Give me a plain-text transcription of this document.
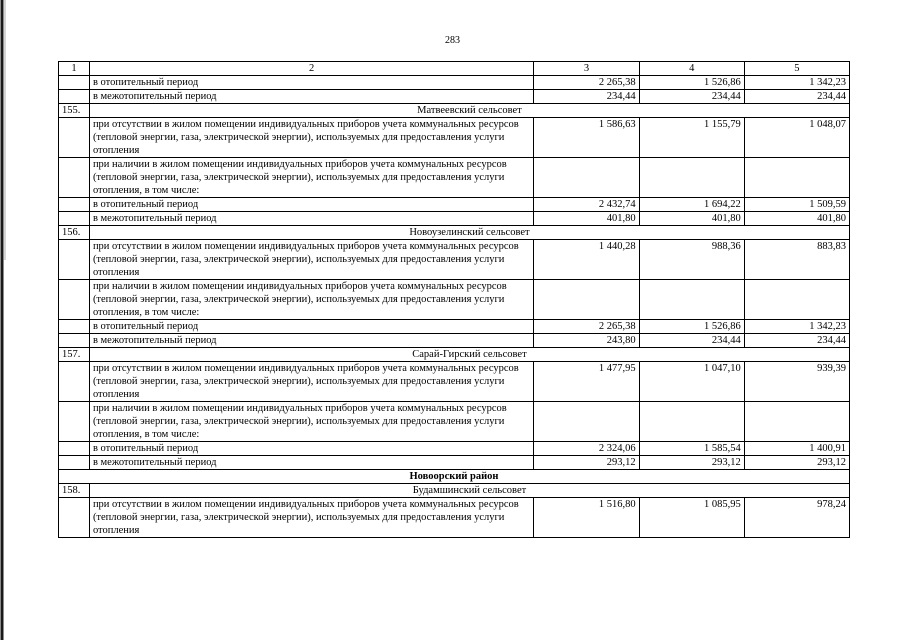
283
1	2	3	4	5
	в отопительный период	2 265,38	1 526,86	1 342,23
	в межотопительный период	234,44	234,44	234,44
155.	Матвеевский сельсовет			
	при отсутствии в жилом помещении индивидуальных приборов учета коммунальных ресурсов (тепловой энергии, газа, электрической энергии), используемых для предоставления услуги отопления	1 586,63	1 155,79	1 048,07
	при наличии в жилом помещении индивидуальных приборов учета коммунальных ресурсов (тепловой энергии, газа, электрической энергии), используемых для предоставления услуги отопления, в том числе:			
	в отопительный период	2 432,74	1 694,22	1 509,59
	в межотопительный период	401,80	401,80	401,80
156.	Новоузелинский сельсовет			
	при отсутствии в жилом помещении индивидуальных приборов учета коммунальных ресурсов (тепловой энергии, газа, электрической энергии), используемых для предоставления услуги отопления	1 440,28	988,36	883,83
	при наличии в жилом помещении индивидуальных приборов учета коммунальных ресурсов (тепловой энергии, газа, электрической энергии), используемых для предоставления услуги отопления, в том числе:			
	в отопительный период	2 265,38	1 526,86	1 342,23
	в межотопительный период	243,80	234,44	234,44
157.	Сарай-Гирский сельсовет			
	при отсутствии в жилом помещении индивидуальных приборов учета коммунальных ресурсов (тепловой энергии, газа, электрической энергии), используемых для предоставления услуги отопления	1 477,95	1 047,10	939,39
	при наличии в жилом помещении индивидуальных приборов учета коммунальных ресурсов (тепловой энергии, газа, электрической энергии), используемых для предоставления услуги отопления, в том числе:			
	в отопительный период	2 324,06	1 585,54	1 400,91
	в межотопительный период	293,12	293,12	293,12
Новоорский район				
158.	Будамшинский сельсовет			
	при отсутствии в жилом помещении индивидуальных приборов учета коммунальных ресурсов (тепловой энергии, газа, электрической энергии), используемых для предоставления услуги отопления	1 516,80	1 085,95	978,24
